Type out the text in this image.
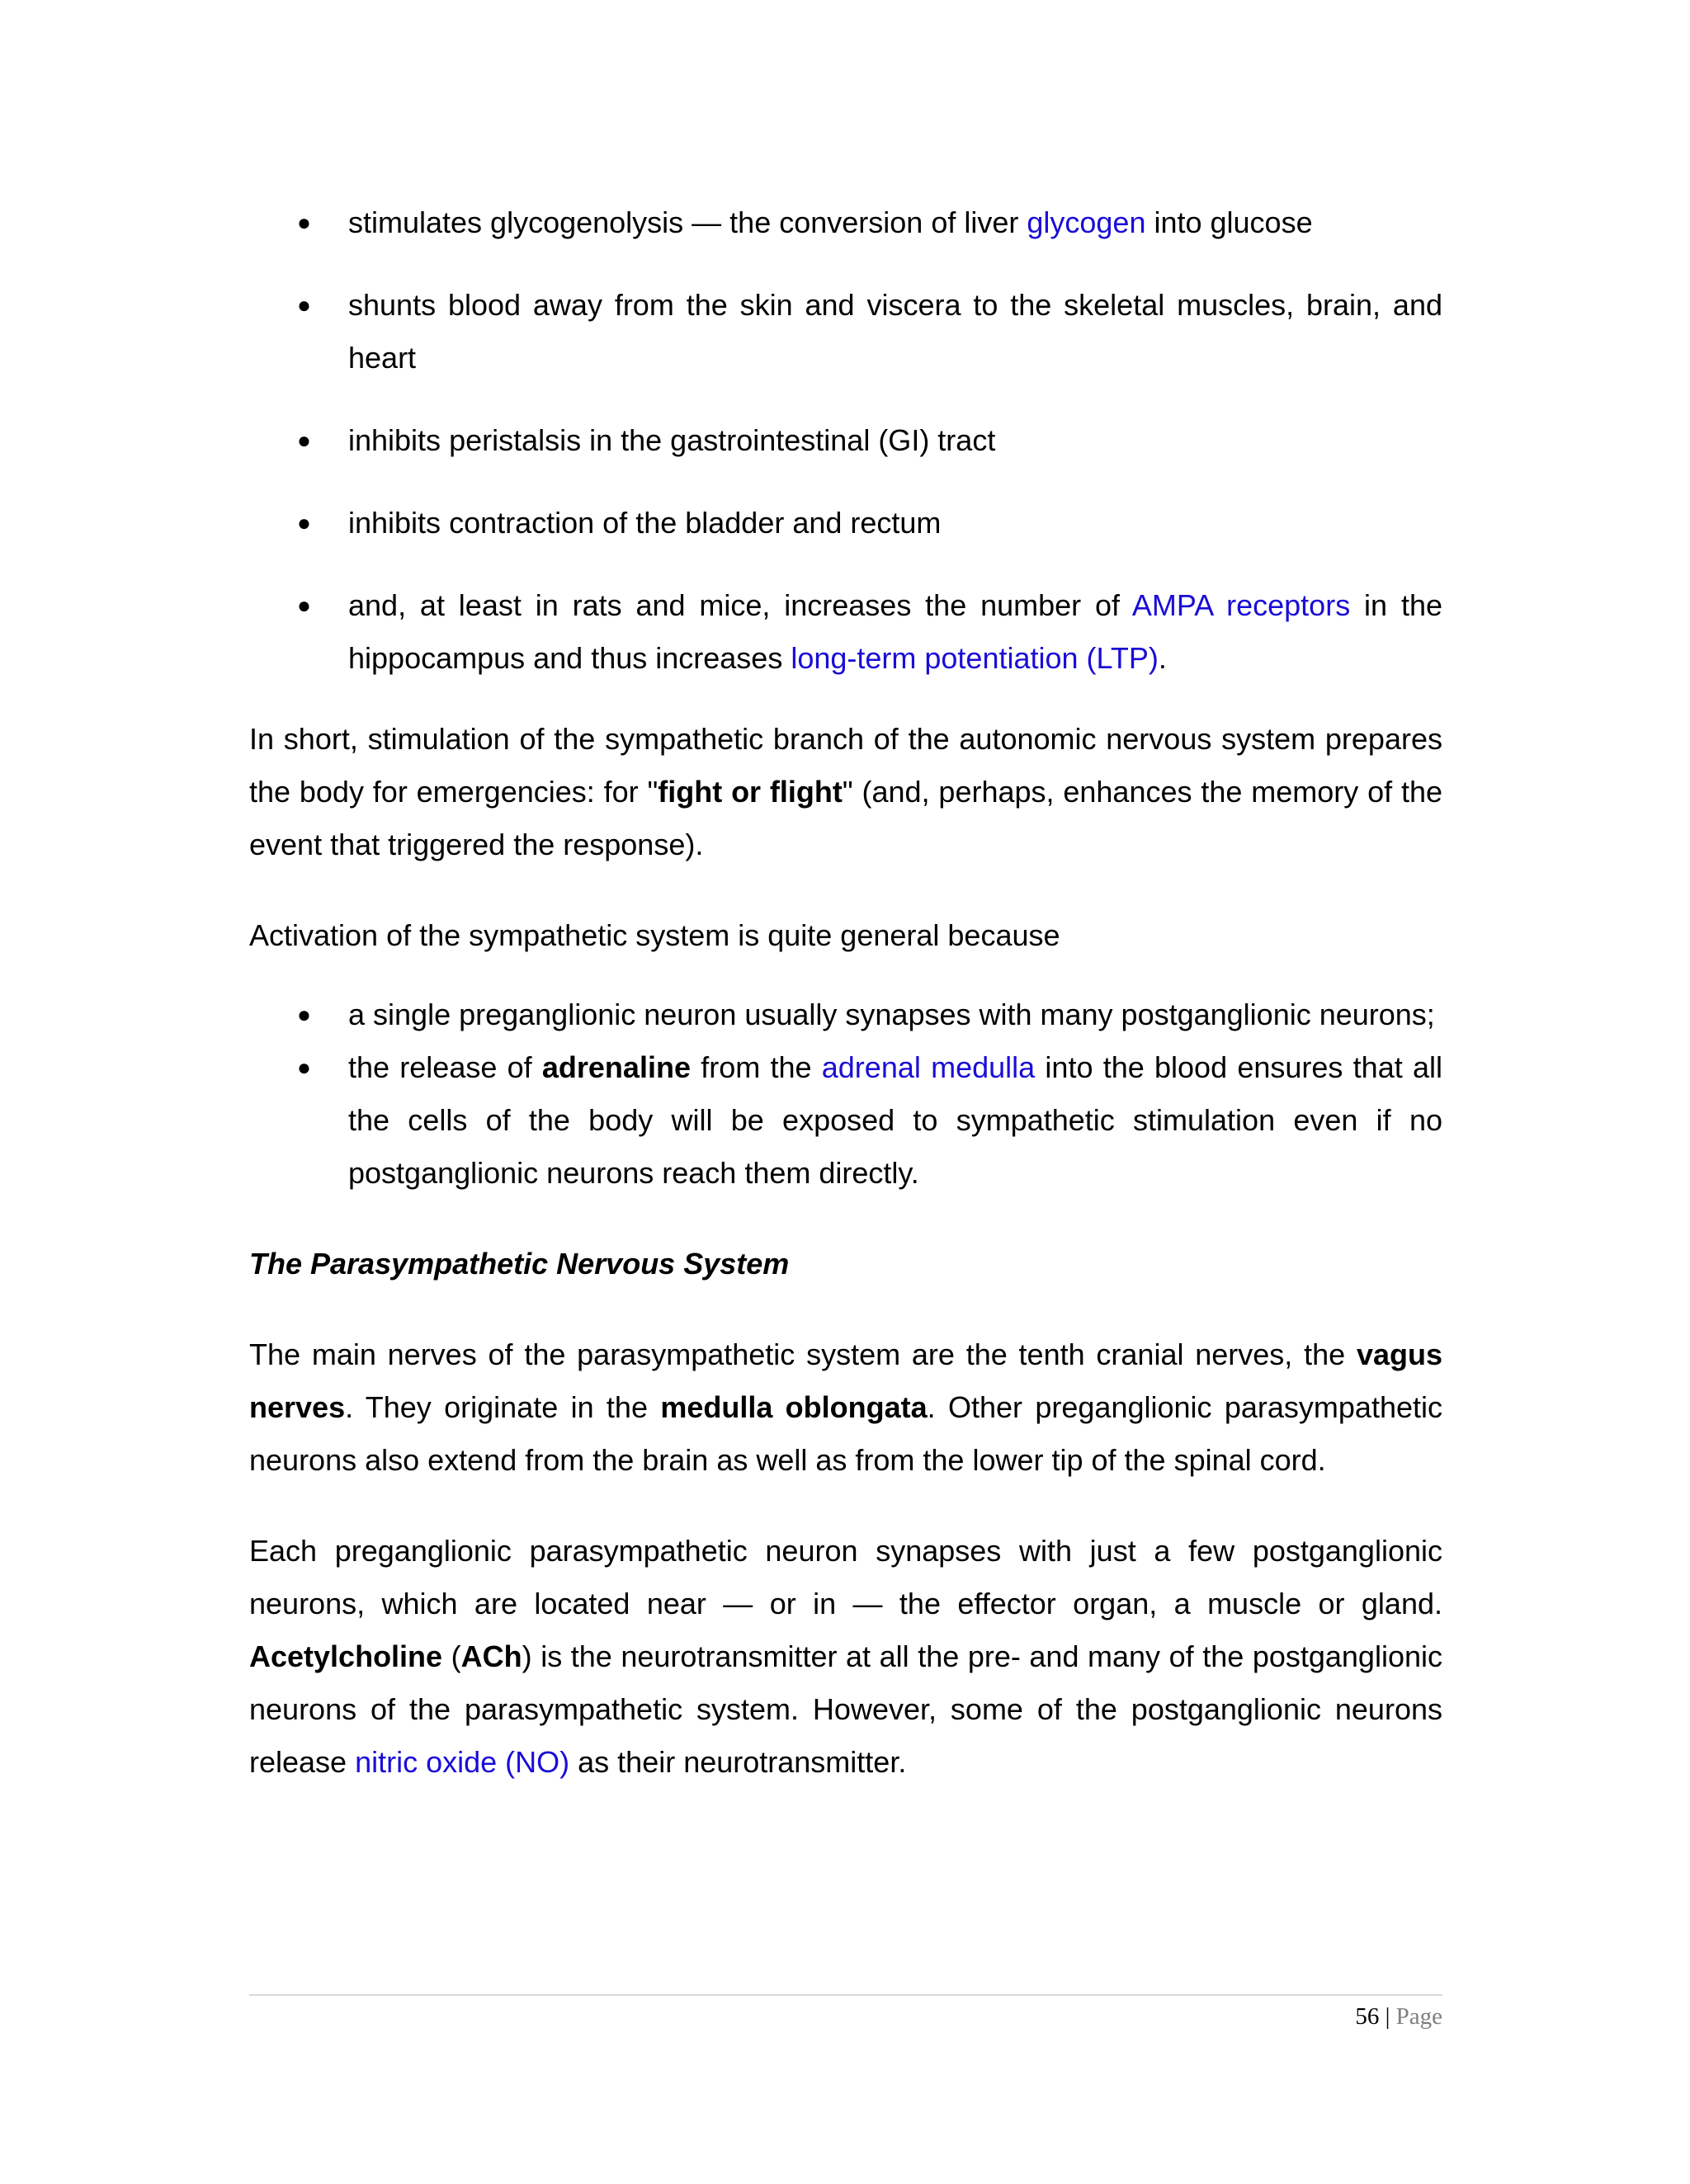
● stimulates glycogenolysis — the conversion of liver glycogen into glucose
● shunts blood away from the skin and viscera to the skeletal muscles, brain, and heart
● inhibits peristalsis in the gastrointestinal (GI) tract
● inhibits contraction of the bladder and rectum
● and, at least in rats and mice, increases the number of AMPA receptors in the hippocampus and thus increases long-term potentiation (LTP).

In short, stimulation of the sympathetic branch of the autonomic nervous system prepares the body for emergencies: for "fight or flight" (and, perhaps, enhances the memory of the event that triggered the response).

Activation of the sympathetic system is quite general because

● a single preganglionic neuron usually synapses with many postganglionic neurons;
● the release of adrenaline from the adrenal medulla into the blood ensures that all the cells of the body will be exposed to sympathetic stimulation even if no postganglionic neurons reach them directly.

The Parasympathetic Nervous System

The main nerves of the parasympathetic system are the tenth cranial nerves, the vagus nerves. They originate in the medulla oblongata. Other preganglionic parasympathetic neurons also extend from the brain as well as from the lower tip of the spinal cord.

Each preganglionic parasympathetic neuron synapses with just a few postganglionic neurons, which are located near — or in — the effector organ, a muscle or gland. Acetylcholine (ACh) is the neurotransmitter at all the pre- and many of the postganglionic neurons of the parasympathetic system. However, some of the postganglionic neurons release nitric oxide (NO) as their neurotransmitter.

56 | Page
